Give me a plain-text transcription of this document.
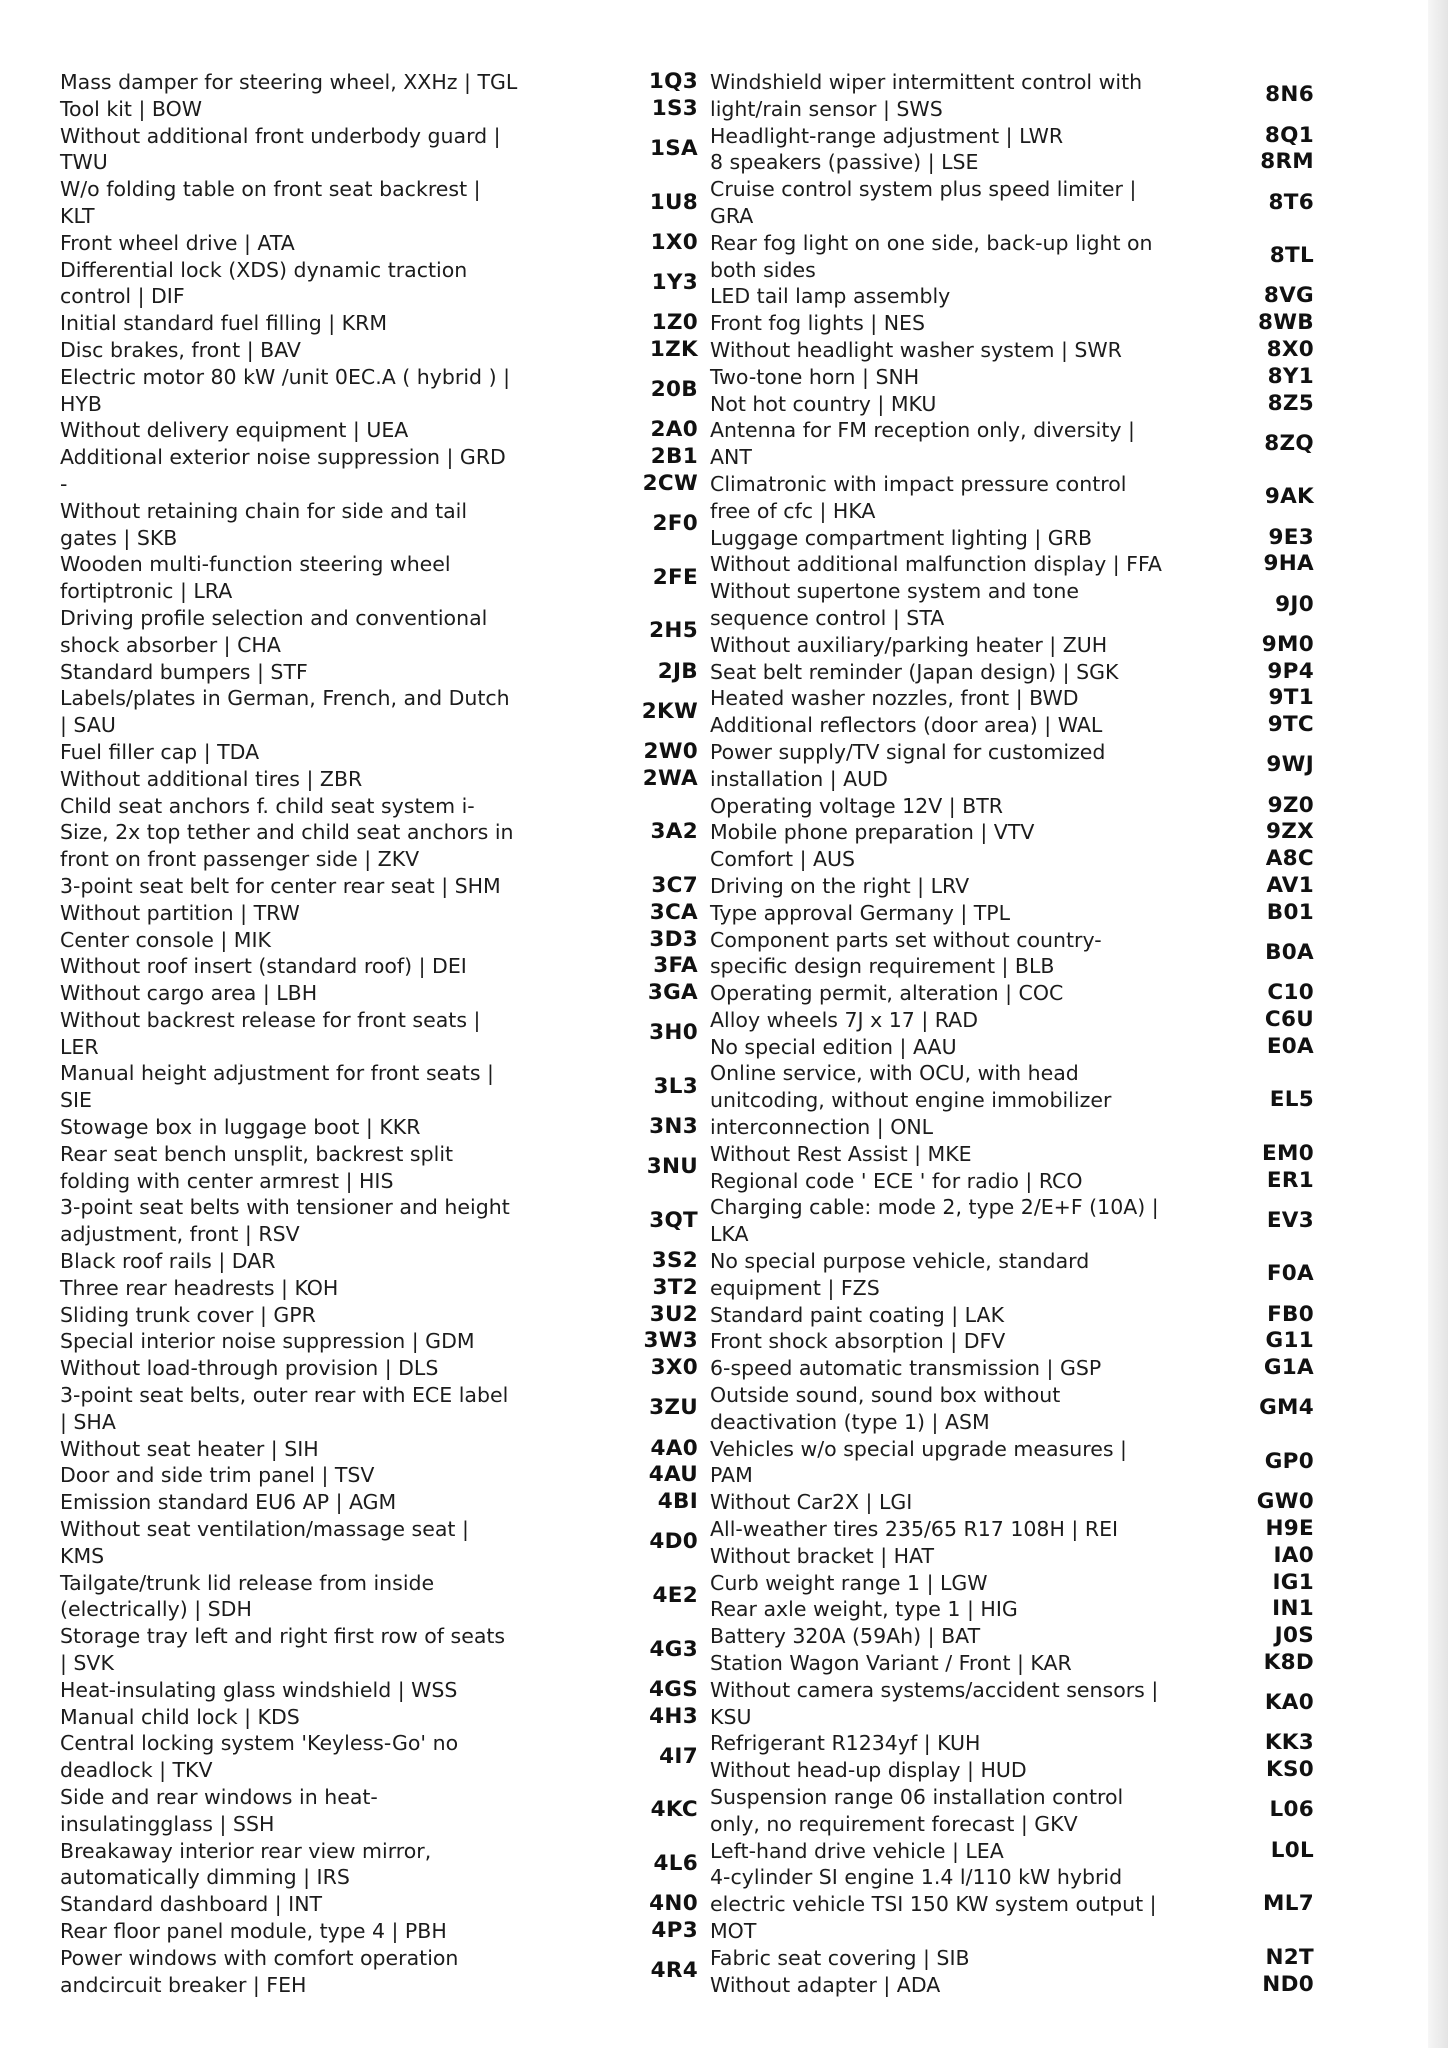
Mass damper for steering wheel, XXHz | TGL	1Q3

Tool kit | BOW	1S3

Without additional front underbody guard |
TWU	1SA

W/o folding table on front seat backrest |
KLT	1U8

Front wheel drive | ATA	1X0

Differential lock (XDS) dynamic traction
control | DIF	1Y3

Initial standard fuel filling | KRM	1Z0

Disc brakes, front | BAV	1ZK

Electric motor 80 kW /unit 0EC.A ( hybrid ) |
HYB	20B

Without delivery equipment | UEA	2A0

Additional exterior noise suppression | GRD	2B1

-	2CW

Without retaining chain for side and tail
gates | SKB	2F0

Wooden multi-function steering wheel
fortiptronic | LRA	2FE

Driving profile selection and conventional
shock absorber | CHA	2H5

Standard bumpers | STF	2JB

Labels/plates in German, French, and Dutch
| SAU	2KW

Fuel filler cap | TDA	2W0

Without additional tires | ZBR	2WA

Child seat anchors f. child seat system i-
Size, 2x top tether and child seat anchors in
front on front passenger side | ZKV	3A2

3-point seat belt for center rear seat | SHM	3C7

Without partition | TRW	3CA

Center console | MIK	3D3

Without roof insert (standard roof) | DEI	3FA

Without cargo area | LBH	3GA

Without backrest release for front seats |
LER	3H0

Manual height adjustment for front seats |
SIE	3L3

Stowage box in luggage boot | KKR	3N3

Rear seat bench unsplit, backrest split
folding with center armrest | HIS	3NU

3-point seat belts with tensioner and height
adjustment, front | RSV	3QT

Black roof rails | DAR	3S2

Three rear headrests | KOH	3T2

Sliding trunk cover | GPR	3U2

Special interior noise suppression | GDM	3W3

Without load-through provision | DLS	3X0

3-point seat belts, outer rear with ECE label
| SHA	3ZU

Without seat heater | SIH	4A0

Door and side trim panel | TSV	4AU

Emission standard EU6 AP | AGM	4BI

Without seat ventilation/massage seat |
KMS	4D0

Tailgate/trunk lid release from inside
(electrically) | SDH	4E2

Storage tray left and right first row of seats
| SVK	4G3

Heat-insulating glass windshield | WSS	4GS

Manual child lock | KDS	4H3

Central locking system 'Keyless-Go' no
deadlock | TKV	4I7

Side and rear windows in heat-
insulatingglass | SSH	4KC

Breakaway interior rear view mirror,
automatically dimming | IRS	4L6

Standard dashboard | INT	4N0

Rear floor panel module, type 4 | PBH	4P3

Power windows with comfort operation
andcircuit breaker | FEH	4R4
Windshield wiper intermittent control with
light/rain sensor | SWS	8N6

Headlight-range adjustment | LWR	8Q1

8 speakers (passive) | LSE	8RM

Cruise control system plus speed limiter |
GRA	8T6

Rear fog light on one side, back-up light on
both sides	8TL

LED tail lamp assembly	8VG

Front fog lights | NES	8WB

Without headlight washer system | SWR	8X0

Two-tone horn | SNH	8Y1

Not hot country | MKU	8Z5

Antenna for FM reception only, diversity |
ANT	8ZQ

Climatronic with impact pressure control
free of cfc | HKA	9AK

Luggage compartment lighting | GRB	9E3

Without additional malfunction display | FFA	9HA

Without supertone system and tone
sequence control | STA	9J0

Without auxiliary/parking heater | ZUH	9M0

Seat belt reminder (Japan design) | SGK	9P4

Heated washer nozzles, front | BWD	9T1

Additional reflectors (door area) | WAL	9TC

Power supply/TV signal for customized
installation | AUD	9WJ

Operating voltage 12V | BTR	9Z0

Mobile phone preparation | VTV	9ZX

Comfort | AUS	A8C

Driving on the right | LRV	AV1

Type approval Germany | TPL	B01

Component parts set without country-
specific design requirement | BLB	B0A

Operating permit, alteration | COC	C10

Alloy wheels 7J x 17 | RAD	C6U

No special edition | AAU	E0A

Online service, with OCU, with head
unitcoding, without engine immobilizer
interconnection | ONL	EL5

Without Rest Assist | MKE	EM0

Regional code ' ECE ' for radio | RCO	ER1

Charging cable: mode 2, type 2/E+F (10A) |
LKA	EV3

No special purpose vehicle, standard
equipment | FZS	F0A

Standard paint coating | LAK	FB0

Front shock absorption | DFV	G11

6-speed automatic transmission | GSP	G1A

Outside sound, sound box without
deactivation (type 1) | ASM	GM4

Vehicles w/o special upgrade measures |
PAM	GP0

Without Car2X | LGI	GW0

All-weather tires 235/65 R17 108H | REI	H9E

Without bracket | HAT	IA0

Curb weight range 1 | LGW	IG1

Rear axle weight, type 1 | HIG	IN1

Battery 320A (59Ah) | BAT	J0S

Station Wagon Variant / Front | KAR	K8D

Without camera systems/accident sensors |
KSU	KA0

Refrigerant R1234yf | KUH	KK3

Without head-up display | HUD	KS0

Suspension range 06 installation control
only, no requirement forecast | GKV	L06

Left-hand drive vehicle | LEA	L0L

4-cylinder SI engine 1.4 l/110 kW hybrid
electric vehicle TSI 150 KW system output |
MOT	ML7

Fabric seat covering | SIB	N2T

Without adapter | ADA	ND0
